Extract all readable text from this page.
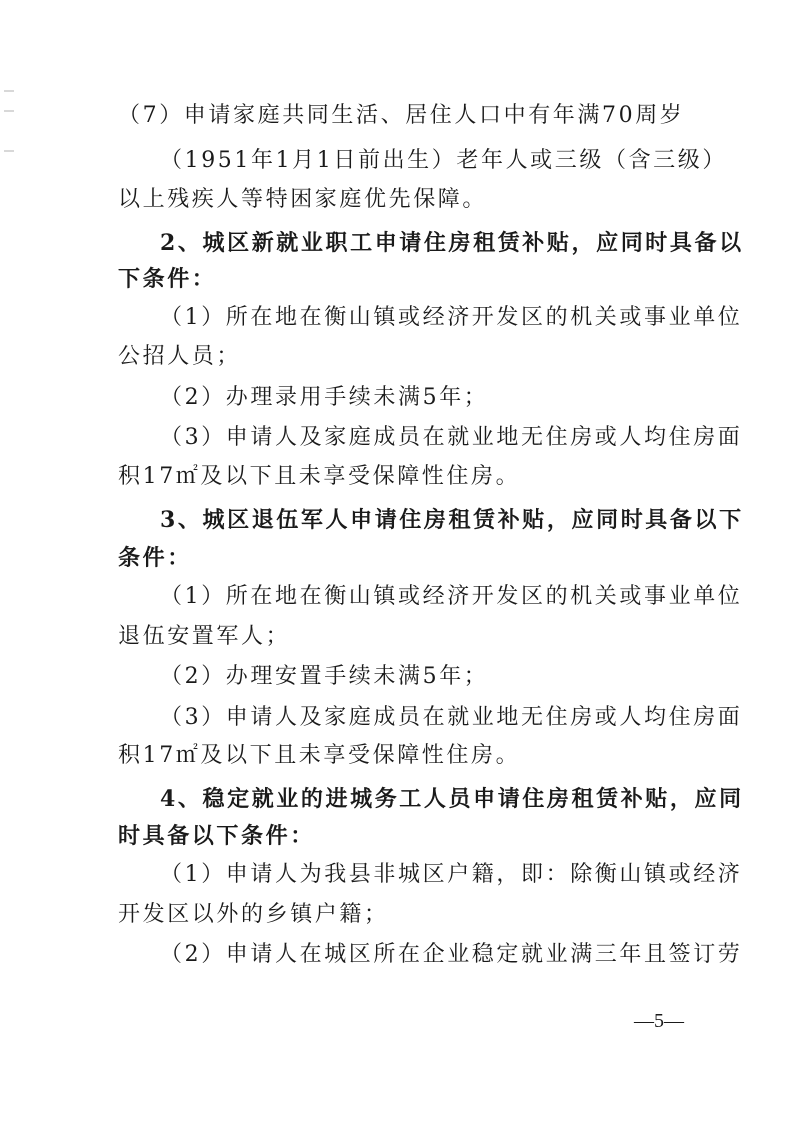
（7）申请家庭共同生活、居住人口中有年满70周岁
（1951年1月1日前出生）老年人或三级（含三级）
以上残疾人等特困家庭优先保障。
2、城区新就业职工申请住房租赁补贴，应同时具备以
下条件：
（1）所在地在衡山镇或经济开发区的机关或事业单位
公招人员；
（2）办理录用手续未满5年；
（3）申请人及家庭成员在就业地无住房或人均住房面
积17㎡及以下且未享受保障性住房。
3、城区退伍军人申请住房租赁补贴，应同时具备以下
条件：
（1）所在地在衡山镇或经济开发区的机关或事业单位
退伍安置军人；
（2）办理安置手续未满5年；
（3）申请人及家庭成员在就业地无住房或人均住房面
积17㎡及以下且未享受保障性住房。
4、稳定就业的进城务工人员申请住房租赁补贴，应同
时具备以下条件：
（1）申请人为我县非城区户籍，即：除衡山镇或经济
开发区以外的乡镇户籍；
（2）申请人在城区所在企业稳定就业满三年且签订劳
—5—
